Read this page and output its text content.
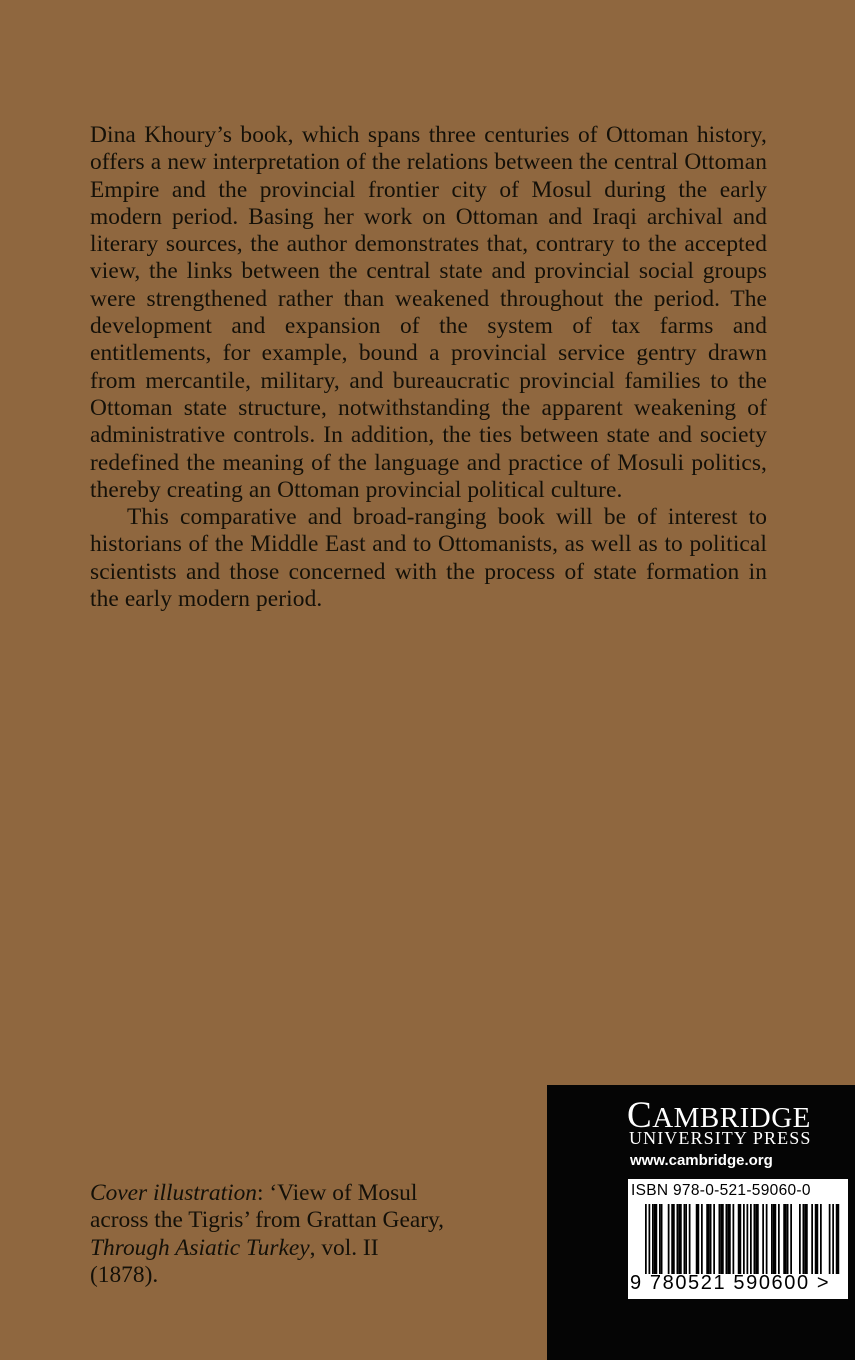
Dina Khoury’s book, which spans three centuries of Ottoman history, offers a new interpretation of the relations between the central Ottoman Empire and the provincial frontier city of Mosul during the early modern period. Basing her work on Ottoman and Iraqi archival and literary sources, the author demonstrates that, contrary to the accepted view, the links between the central state and provincial social groups were strengthened rather than weakened throughout the period. The development and expansion of the system of tax farms and entitlements, for example, bound a provincial service gentry drawn from mercantile, military, and bureaucratic provincial families to the Ottoman state structure, notwithstanding the apparent weakening of administrative controls. In addition, the ties between state and society redefined the meaning of the language and practice of Mosuli politics, thereby creating an Ottoman provincial political culture.

This comparative and broad-ranging book will be of interest to historians of the Middle East and to Ottomanists, as well as to political scientists and those concerned with the process of state formation in the early modern period.

Cover illustration: ‘View of Mosul across the Tigris’ from Grattan Geary, Through Asiatic Turkey, vol. II (1878).
CAMBRIDGE
UNIVERSITY PRESS
www.cambridge.org
ISBN 978-0-521-59060-0
9 780521 590600 >
